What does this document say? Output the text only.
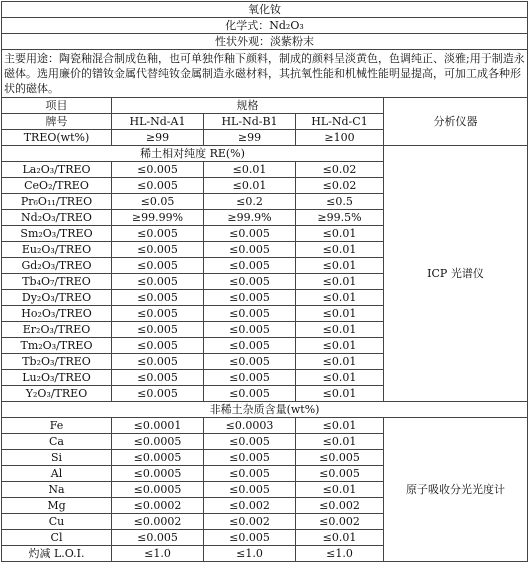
氧化钕				
化学式：Nd₂O₃				
性状外观：淡紫粉末				
主要用途：陶瓷釉混合制成色釉，也可单独作釉下颜料，制成的颜料呈淡黄色，色调纯正、淡雅;用于制造永磁体。选用廉价的镨钕金属代替纯钕金属制造永磁材料，其抗氧性能和机械性能明显提高，可加工成各种形状的磁体。				
项目	规格			分析仪器
牌号	HL-Nd-A1	HL-Nd-B1	HL-Nd-C1	
TREO(wt%)	≥99	≥99	≥100	
稀土相对纯度 RE(%)				ICP 光谱仪
La₂O₃/TREO	≤0.005	≤0.01	≤0.02	
CeO₂/TREO	≤0.005	≤0.01	≤0.02	
Pr₆O₁₁/TREO	≤0.05	≤0.2	≤0.5	
Nd₂O₃/TREO	≥99.99%	≥99.9%	≥99.5%	
Sm₂O₃/TREO	≤0.005	≤0.005	≤0.01	
Eu₂O₃/TREO	≤0.005	≤0.005	≤0.01	
Gd₂O₃/TREO	≤0.005	≤0.005	≤0.01	
Tb₄O₇/TREO	≤0.005	≤0.005	≤0.01	
Dy₂O₃/TREO	≤0.005	≤0.005	≤0.01	
Ho₂O₃/TREO	≤0.005	≤0.005	≤0.01	
Er₂O₃/TREO	≤0.005	≤0.005	≤0.01	
Tm₂O₃/TREO	≤0.005	≤0.005	≤0.01	
Tb₂O₃/TREO	≤0.005	≤0.005	≤0.01	
Lu₂O₃/TREO	≤0.005	≤0.005	≤0.01	
Y₂O₃/TREO	≤0.005	≤0.005	≤0.01	
非稀土杂质含量(wt%)				
Fe	≤0.0001	≤0.0003	≤0.01	原子吸收分光光度计
Ca	≤0.0005	≤0.005	≤0.01	
Si	≤0.0005	≤0.005	≤0.005	
Al	≤0.0005	≤0.005	≤0.005	
Na	≤0.0005	≤0.005	≤0.01	
Mg	≤0.0002	≤0.002	≤0.002	
Cu	≤0.0002	≤0.002	≤0.002	
Cl	≤0.005	≤0.005	≤0.01	
灼减 L.O.I.	≤1.0	≤1.0	≤1.0	
